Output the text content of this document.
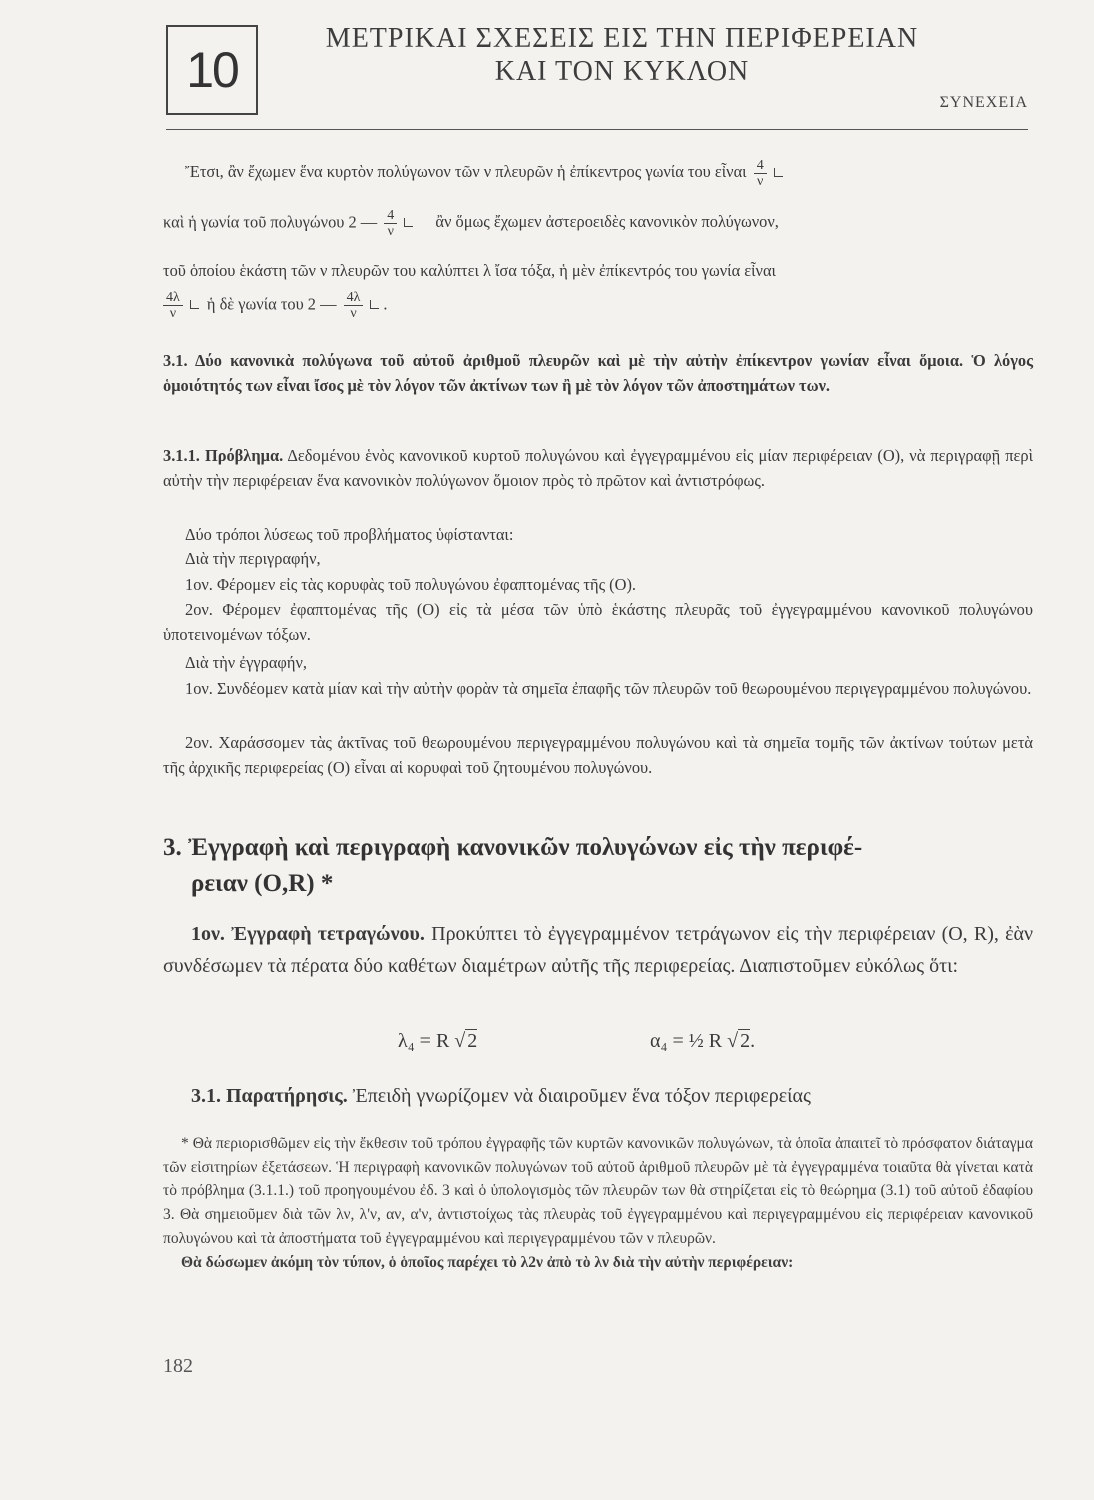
10
ΜΕΤΡΙΚΑΙ ΣΧΕΣΕΙΣ ΕΙΣ ΤΗΝ ΠΕΡΙΦΕΡΕΙΑΝ
ΚΑΙ ΤΟΝ ΚΥΚΛΟΝ
ΣΥΝΕΧΕΙΑ
Ἔτσι, ἂν ἔχωμεν ἕνα κυρτὸν πολύγωνον τῶν ν πλευρῶν ἡ ἐπίκεντρος γωνία του εἶναι $\frac{4}{\nu}$
καὶ ἡ γωνία τοῦ πολυγώνου 2 — $\frac{4}{\nu}$ ἂν ὅμως ἔχωμεν ἀστεροειδὲς κανονικὸν πολύγωνον,
τοῦ ὁποίου ἑκάστη τῶν ν πλευρῶν του καλύπτει λ ἴσα τόξα, ἡ μὲν ἐπίκεντρός του γωνία εἶναι
$\frac{4\lambda}{\nu}$ ἡ δὲ γωνία του 2 — $\frac{4\lambda}{\nu}$ .
3.1. Δύο κανονικὰ πολύγωνα τοῦ αὐτοῦ ἀριθμοῦ πλευρῶν καὶ μὲ τὴν αὐτὴν ἐπίκεντρον γωνίαν εἶναι ὅμοια. Ὁ λόγος ὁμοιότητός των εἶναι ἴσος μὲ τὸν λόγον τῶν ἀκτίνων των ἢ μὲ τὸν λόγον τῶν ἀποστημάτων των.
3.1.1. Πρόβλημα. Δεδομένου ἑνὸς κανονικοῦ κυρτοῦ πολυγώνου καὶ ἐγγεγραμμένου εἰς μίαν περιφέρειαν (Ο), νὰ περιγραφῇ περὶ αὐτὴν τὴν περιφέρειαν ἕνα κανονικὸν πολύγωνον ὅμοιον πρὸς τὸ πρῶτον καὶ ἀντιστρόφως.
Δύο τρόποι λύσεως τοῦ προβλήματος ὑφίστανται:
Διὰ τὴν περιγραφήν,
1ον. Φέρομεν εἰς τὰς κορυφὰς τοῦ πολυγώνου ἐφαπτομένας τῆς (Ο).
2ον. Φέρομεν ἐφαπτομένας τῆς (Ο) εἰς τὰ μέσα τῶν ὑπὸ ἑκάστης πλευρᾶς τοῦ ἐγγεγραμμένου κανονικοῦ πολυγώνου ὑποτεινομένων τόξων.
Διὰ τὴν ἐγγραφήν,
1ον. Συνδέομεν κατὰ μίαν καὶ τὴν αὐτὴν φορὰν τὰ σημεῖα ἐπαφῆς τῶν πλευρῶν τοῦ θεωρουμένου περιγεγραμμένου πολυγώνου.
2ον. Χαράσσομεν τὰς ἀκτῖνας τοῦ θεωρουμένου περιγεγραμμένου πολυγώνου καὶ τὰ σημεῖα τομῆς τῶν ἀκτίνων τούτων μετὰ τῆς ἀρχικῆς περιφερείας (Ο) εἶναι αἱ κορυφαὶ τοῦ ζητουμένου πολυγώνου.
3. Ἐγγραφὴ καὶ περιγραφὴ κανονικῶν πολυγώνων εἰς τὴν περιφέ-
ρειαν (O,R) *
1ον. Ἐγγραφὴ τετραγώνου. Προκύπτει τὸ ἐγγεγραμμένον τετράγωνον εἰς τὴν περιφέρειαν (Ο, R), ἐὰν συνδέσωμεν τὰ πέρατα δύο καθέτων διαμέτρων αὐτῆς τῆς περιφερείας. Διαπιστοῦμεν εὐκόλως ὅτι:
λ₄ = R √ 2	α₄ = ½ R √ 2.
3.1. Παρατήρησις. Ἐπειδὴ γνωρίζομεν νὰ διαιροῦμεν ἕνα τόξον περιφερείας
* Θὰ περιορισθῶμεν εἰς τὴν ἔκθεσιν τοῦ τρόπου ἐγγραφῆς τῶν κυρτῶν κανονικῶν πολυγώνων, τὰ ὁποῖα ἀπαιτεῖ τὸ πρόσφατον διάταγμα τῶν εἰσιτηρίων ἐξετάσεων. Ἡ περιγραφὴ κανονικῶν πολυγώνων τοῦ αὐτοῦ ἀριθμοῦ πλευρῶν μὲ τὰ ἐγγεγραμμένα τοιαῦτα θὰ γίνεται κατὰ τὸ πρόβλημα (3.1.1.) τοῦ προηγουμένου ἐδ. 3 καὶ ὁ ὑπολογισμὸς τῶν πλευρῶν των θὰ στηρίζεται εἰς τὸ θεώρημα (3.1) τοῦ αὐτοῦ ἐδαφίου 3. Θὰ σημειοῦμεν διὰ τῶν λν, λ'ν, αν, α'ν, ἀντιστοίχως τὰς πλευρὰς τοῦ ἐγγεγραμμένου καὶ περιγεγραμμένου εἰς περιφέρειαν κανονικοῦ πολυγώνου καὶ τὰ ἀποστήματα τοῦ ἐγγεγραμμένου καὶ περιγεγραμμένου τῶν ν πλευρῶν.
Θὰ δώσωμεν ἀκόμη τὸν τύπον, ὁ ὁποῖος παρέχει τὸ λ2ν ἀπὸ τὸ λν διὰ τὴν αὐτὴν περιφέρειαν:
182
